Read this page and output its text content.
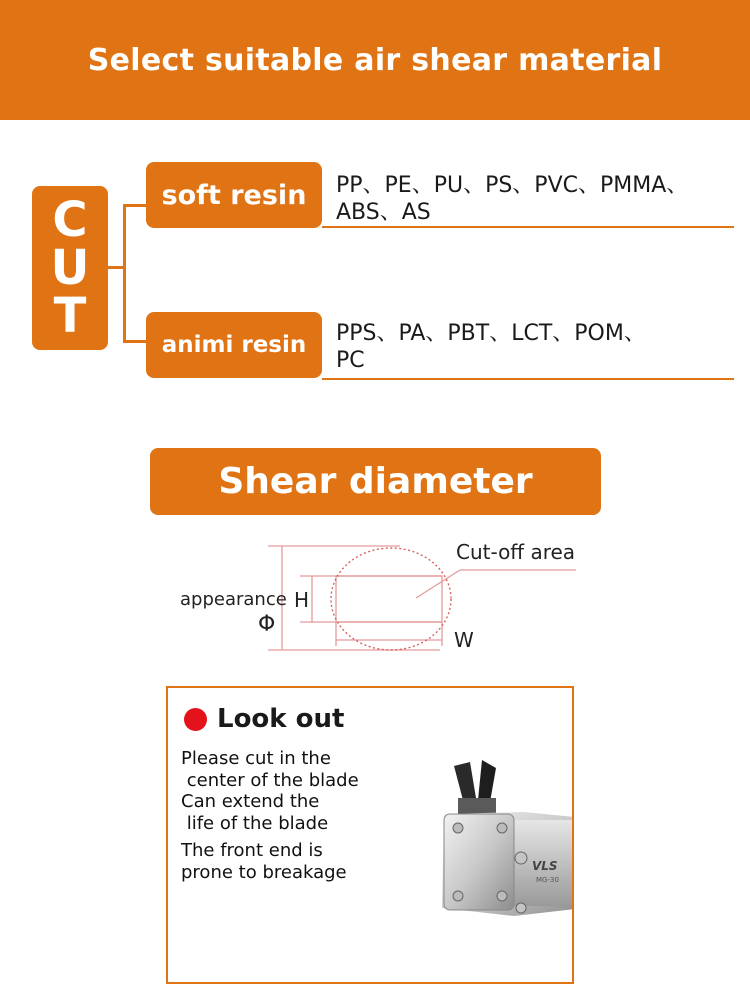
Select suitable air shear material
C
U
T
soft resin	PP、PE、PU、PS、PVC、PMMA、
ABS、AS
animi resin	PPS、PA、PBT、LCT、POM、
PC
Shear diameter
Cut-off area
appearance H
Φ
W
Look out
Please cut in the
center of the blade
Can extend the
life of the blade
The front end is
prone to breakage	VLS
MG-30
